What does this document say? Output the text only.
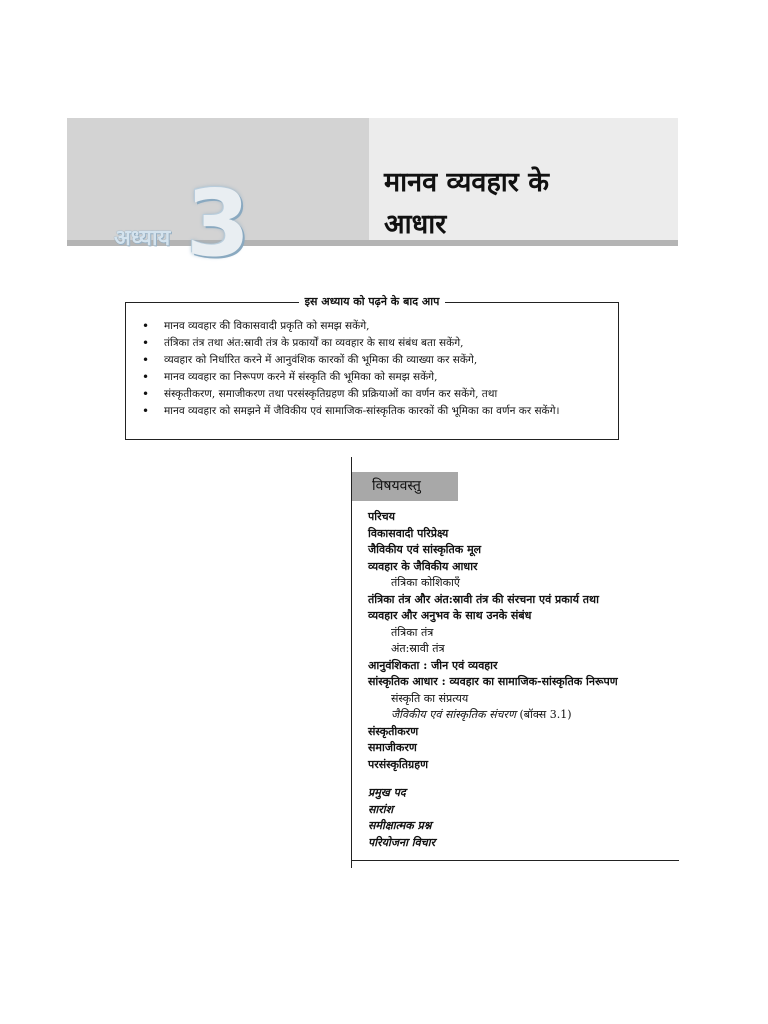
अध्याय 3	मानव व्यवहार के
आधार
इस अध्याय को पढ़ने के बाद आप
• मानव व्यवहार की विकासवादी प्रकृति को समझ सकेंगे,
• तंत्रिका तंत्र तथा अंत:स्रावी तंत्र के प्रकार्यों का व्यवहार के साथ संबंध बता सकेंगे,
• व्यवहार को निर्धारित करने में आनुवंशिक कारकों की भूमिका की व्याख्या कर सकेंगे,
• मानव व्यवहार का निरूपण करने में संस्कृति की भूमिका को समझ सकेंगे,
• संस्कृतीकरण, समाजीकरण तथा परसंस्कृतिग्रहण की प्रक्रियाओं का वर्णन कर सकेंगे, तथा
• मानव व्यवहार को समझने में जैविकीय एवं सामाजिक-सांस्कृतिक कारकों की भूमिका का वर्णन कर सकेंगे।
विषयवस्तु
परिचय
विकासवादी परिप्रेक्ष्य
जैविकीय एवं सांस्कृतिक मूल
व्यवहार के जैविकीय आधार
तंत्रिका कोशिकाएँ
तंत्रिका तंत्र और अंत:स्रावी तंत्र की संरचना एवं प्रकार्य तथा
व्यवहार और अनुभव के साथ उनके संबंध
तंत्रिका तंत्र
अंत:स्रावी तंत्र
आनुवंशिकता : जीन एवं व्यवहार
सांस्कृतिक आधार : व्यवहार का सामाजिक-सांस्कृतिक निरूपण
संस्कृति का संप्रत्यय
जैविकीय एवं सांस्कृतिक संचरण (बॉक्स 3.1)
संस्कृतीकरण
समाजीकरण
परसंस्कृतिग्रहण
प्रमुख पद
सारांश
समीक्षात्मक प्रश्न
परियोजना विचार
